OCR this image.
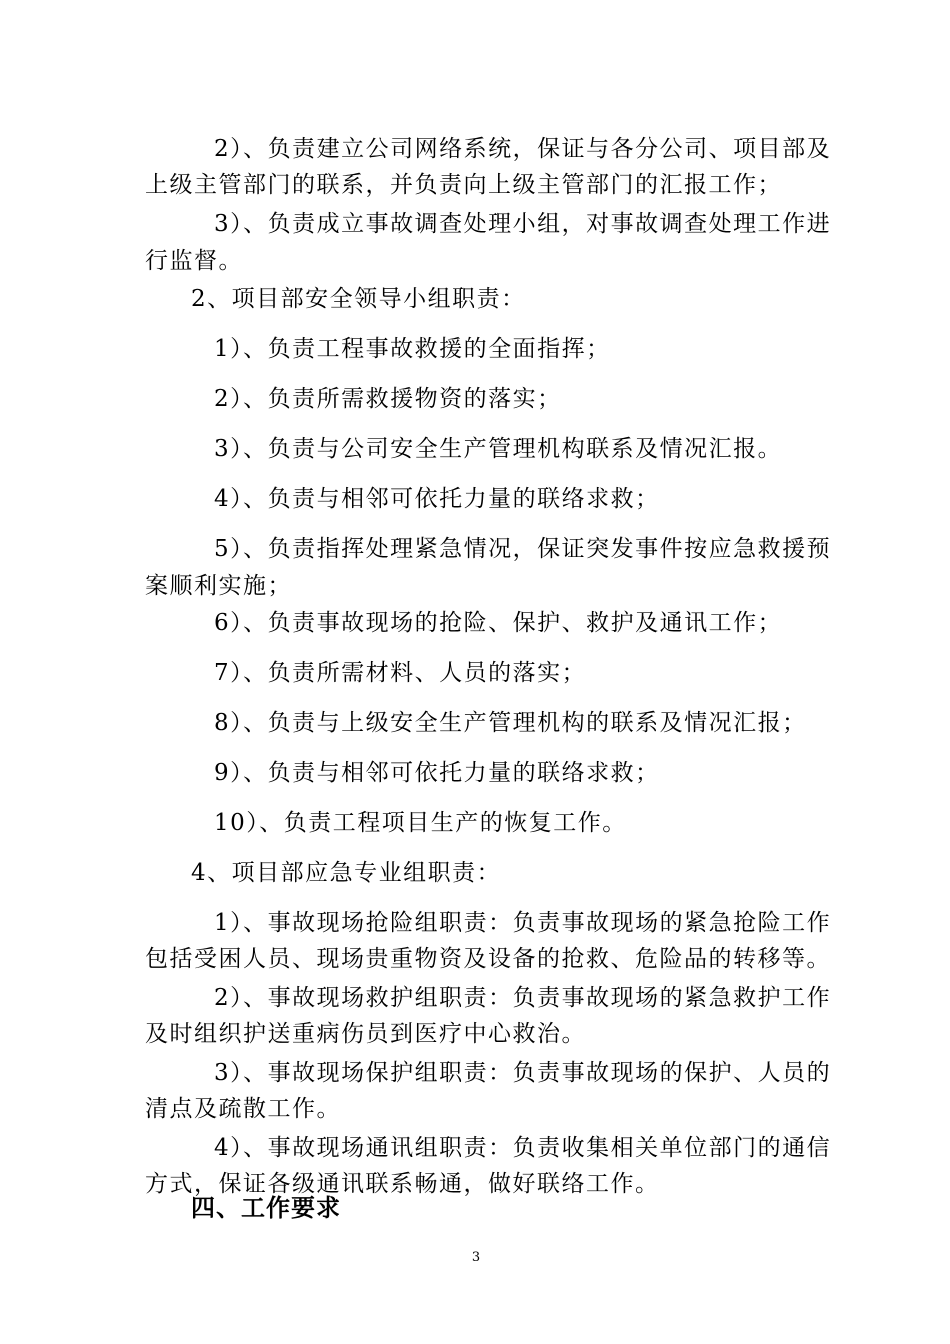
2）、负责建立公司网络系统，保证与各分公司、项目部及
上级主管部门的联系，并负责向上级主管部门的汇报工作；
3）、负责成立事故调查处理小组，对事故调查处理工作进
行监督。
2、项目部安全领导小组职责：
1）、负责工程事故救援的全面指挥；
2）、负责所需救援物资的落实；
3）、负责与公司安全生产管理机构联系及情况汇报。
4）、负责与相邻可依托力量的联络求救；
5）、负责指挥处理紧急情况，保证突发事件按应急救援预
案顺利实施；
6）、负责事故现场的抢险、保护、救护及通讯工作；
7）、负责所需材料、人员的落实；
8）、负责与上级安全生产管理机构的联系及情况汇报；
9）、负责与相邻可依托力量的联络求救；
10）、负责工程项目生产的恢复工作。
4、项目部应急专业组职责：
1）、事故现场抢险组职责：负责事故现场的紧急抢险工作
包括受困人员、现场贵重物资及设备的抢救、危险品的转移等。
2）、事故现场救护组职责：负责事故现场的紧急救护工作
及时组织护送重病伤员到医疗中心救治。
3）、事故现场保护组职责：负责事故现场的保护、人员的
清点及疏散工作。
4）、事故现场通讯组职责：负责收集相关单位部门的通信
方式，保证各级通讯联系畅通，做好联络工作。
四、工作要求
3
